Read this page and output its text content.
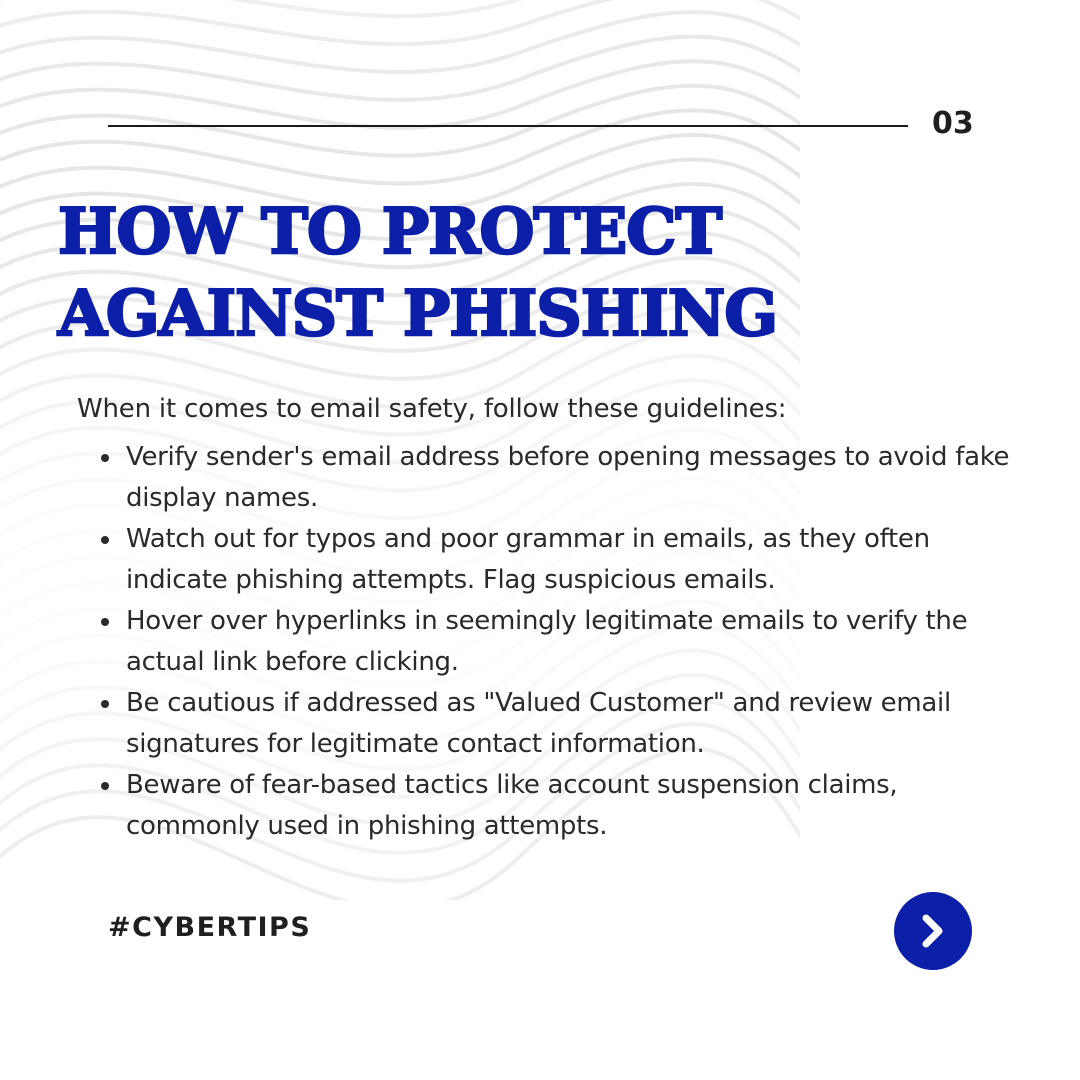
03
HOW TO PROTECT
AGAINST PHISHING
When it comes to email safety, follow these guidelines:
Verify sender's email address before opening messages to avoid fake display names.
Watch out for typos and poor grammar in emails, as they often indicate phishing attempts. Flag suspicious emails.
Hover over hyperlinks in seemingly legitimate emails to verify the actual link before clicking.
Be cautious if addressed as "Valued Customer" and review email signatures for legitimate contact information.
Beware of fear-based tactics like account suspension claims, commonly used in phishing attempts.
#CYBERTIPS
